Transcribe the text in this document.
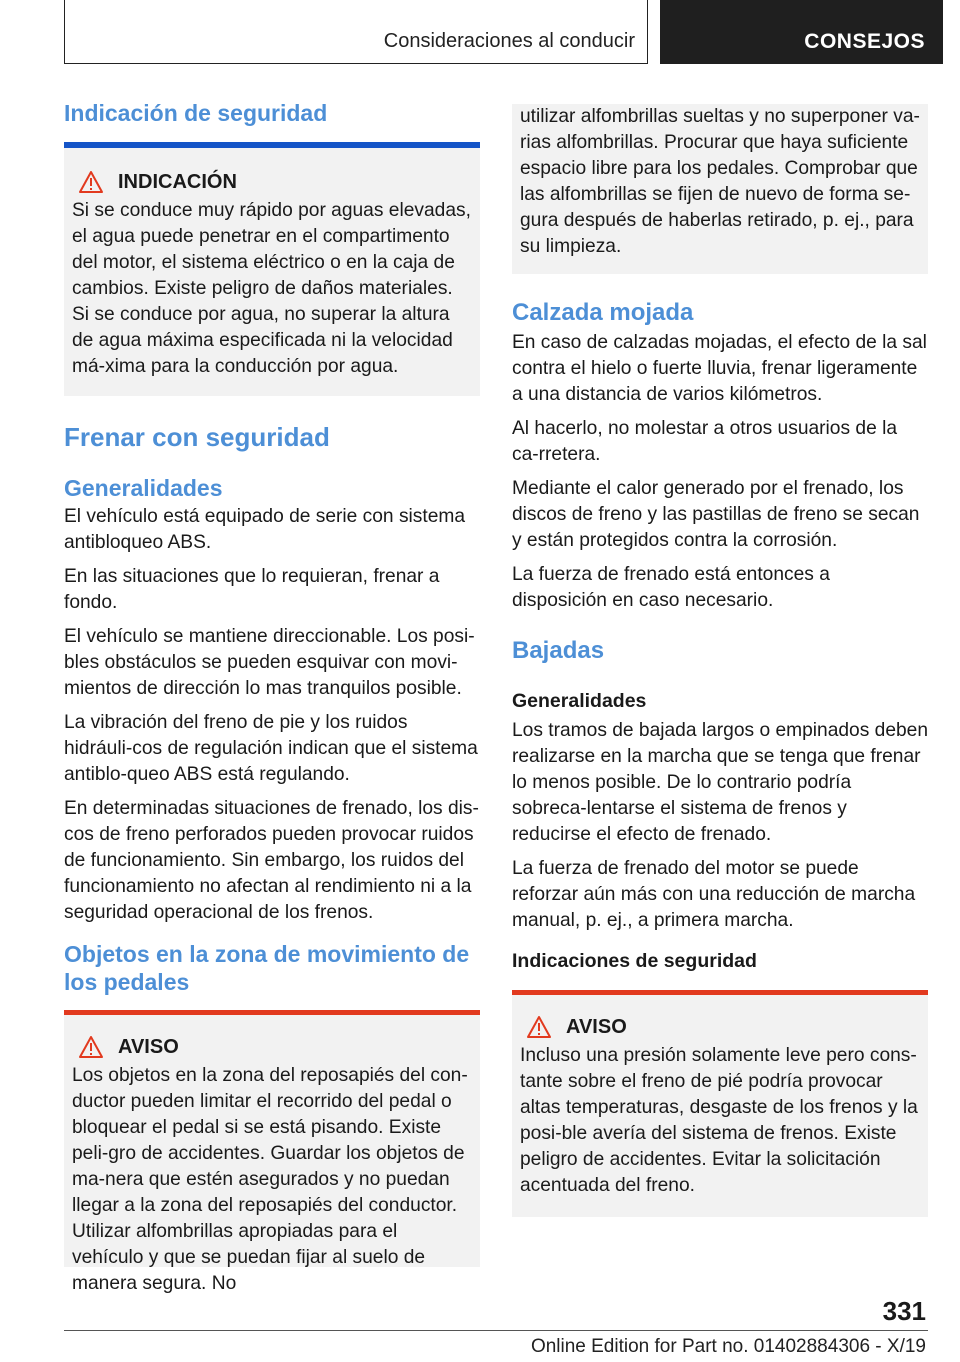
Consideraciones al conducir	CONSEJOS
Indicación de seguridad
INDICACIÓN

Si se conduce muy rápido por aguas elevadas, el agua puede penetrar en el compartimento del motor, el sistema eléctrico o en la caja de cambios. Existe peligro de daños materiales. Si se conduce por agua, no superar la altura de agua máxima especificada ni la velocidad má-xima para la conducción por agua.

Frenar con seguridad
Generalidades

El vehículo está equipado de serie con sistema antibloqueo ABS.

En las situaciones que lo requieran, frenar a fondo.

El vehículo se mantiene direccionable. Los posi-bles obstáculos se pueden esquivar con movi-mientos de dirección lo mas tranquilos posible.

La vibración del freno de pie y los ruidos hidráuli-cos de regulación indican que el sistema antiblo-queo ABS está regulando.

En determinadas situaciones de frenado, los dis-cos de freno perforados pueden provocar ruidos de funcionamiento. Sin embargo, los ruidos del funcionamiento no afectan al rendimiento ni a la seguridad operacional de los frenos.

Objetos en la zona de movimiento de los pedales
AVISO

Los objetos en la zona del reposapiés del con-ductor pueden limitar el recorrido del pedal o bloquear el pedal si se está pisando. Existe peli-gro de accidentes. Guardar los objetos de ma-nera que estén asegurados y no puedan llegar a la zona del reposapiés del conductor. Utilizar alfombrillas apropiadas para el vehículo y que se puedan fijar al suelo de manera segura. No

utilizar alfombrillas sueltas y no superponer va-rias alfombrillas. Procurar que haya suficiente espacio libre para los pedales. Comprobar que las alfombrillas se fijen de nuevo de forma se-gura después de haberlas retirado, p. ej., para su limpieza.

Calzada mojada

En caso de calzadas mojadas, el efecto de la sal contra el hielo o fuerte lluvia, frenar ligeramente a una distancia de varios kilómetros.

Al hacerlo, no molestar a otros usuarios de la ca-rretera.

Mediante el calor generado por el frenado, los discos de freno y las pastillas de freno se secan y están protegidos contra la corrosión.

La fuerza de frenado está entonces a disposición en caso necesario.

Bajadas
Generalidades

Los tramos de bajada largos o empinados deben realizarse en la marcha que se tenga que frenar lo menos posible. De lo contrario podría sobreca-lentarse el sistema de frenos y reducirse el efecto de frenado.

La fuerza de frenado del motor se puede reforzar aún más con una reducción de marcha manual, p. ej., a primera marcha.

Indicaciones de seguridad
AVISO

Incluso una presión solamente leve pero cons-tante sobre el freno de pié podría provocar altas temperaturas, desgaste de los frenos y la posi-ble avería del sistema de frenos. Existe peligro de accidentes. Evitar la solicitación acentuada del freno.

331
Online Edition for Part no. 01402884306 - X/19
